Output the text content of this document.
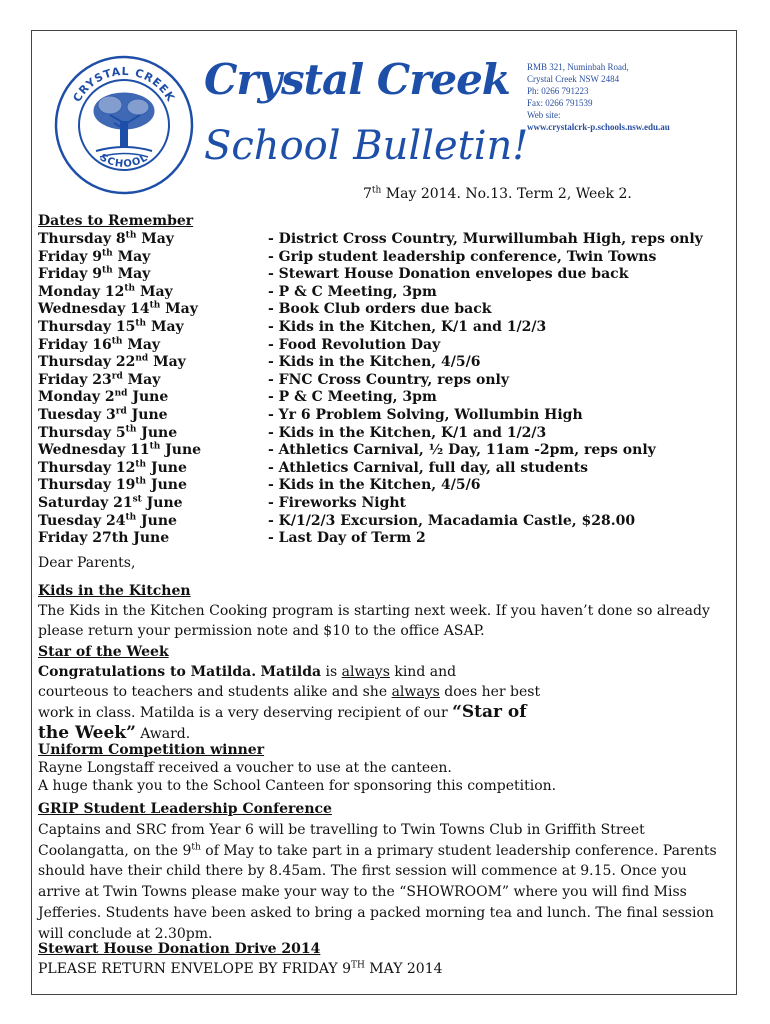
CRYSTAL CREEK
SCHOOL
Crystal Creek
School Bulletin!
RMB 321, Numinbah Road,
Crystal Creek NSW 2484
Ph: 0266 791223
Fax: 0266 791539
Web site:
www.crystalcrk-p.schools.nsw.edu.au
7th May 2014. No.13. Term 2, Week 2.
Dates to Remember
Thursday 8th May	- District Cross Country, Murwillumbah High, reps only
Friday 9th May	- Grip student leadership conference, Twin Towns
Friday 9th May	- Stewart House Donation envelopes due back
Monday 12th May	- P & C Meeting, 3pm
Wednesday 14th May	- Book Club orders due back
Thursday 15th May	- Kids in the Kitchen, K/1 and 1/2/3
Friday 16th May	- Food Revolution Day
Thursday 22nd May	- Kids in the Kitchen, 4/5/6
Friday 23rd May	- FNC Cross Country, reps only
Monday 2nd June	- P & C Meeting, 3pm
Tuesday 3rd June	- Yr 6 Problem Solving, Wollumbin High
Thursday 5th June	- Kids in the Kitchen, K/1 and 1/2/3
Wednesday 11th June	- Athletics Carnival, ½ Day, 11am -2pm, reps only
Thursday 12th June	- Athletics Carnival, full day, all students
Thursday 19th June	- Kids in the Kitchen, 4/5/6
Saturday 21st June	- Fireworks Night
Tuesday 24th June	- K/1/2/3 Excursion, Macadamia Castle, $28.00
Friday 27th June	- Last Day of Term 2
Dear Parents,
Kids in the Kitchen
The Kids in the Kitchen Cooking program is starting next week. If you haven’t done so already
please return your permission note and $10 to the office ASAP.
Star of the Week
Congratulations to Matilda. Matilda is always kind and
courteous to teachers and students alike and she always does her best
work in class. Matilda is a very deserving recipient of our “Star of
the Week” Award.
Uniform Competition winner
Rayne Longstaff received a voucher to use at the canteen.
A huge thank you to the School Canteen for sponsoring this competition.
GRIP Student Leadership Conference
Captains and SRC from Year 6 will be travelling to Twin Towns Club in Griffith Street
Coolangatta, on the 9th of May to take part in a primary student leadership conference. Parents
should have their child there by 8.45am. The first session will commence at 9.15. Once you
arrive at Twin Towns please make your way to the “SHOWROOM” where you will find Miss
Jefferies. Students have been asked to bring a packed morning tea and lunch. The final session
will conclude at 2.30pm.
Stewart House Donation Drive 2014
PLEASE RETURN ENVELOPE BY FRIDAY 9TH MAY 2014
